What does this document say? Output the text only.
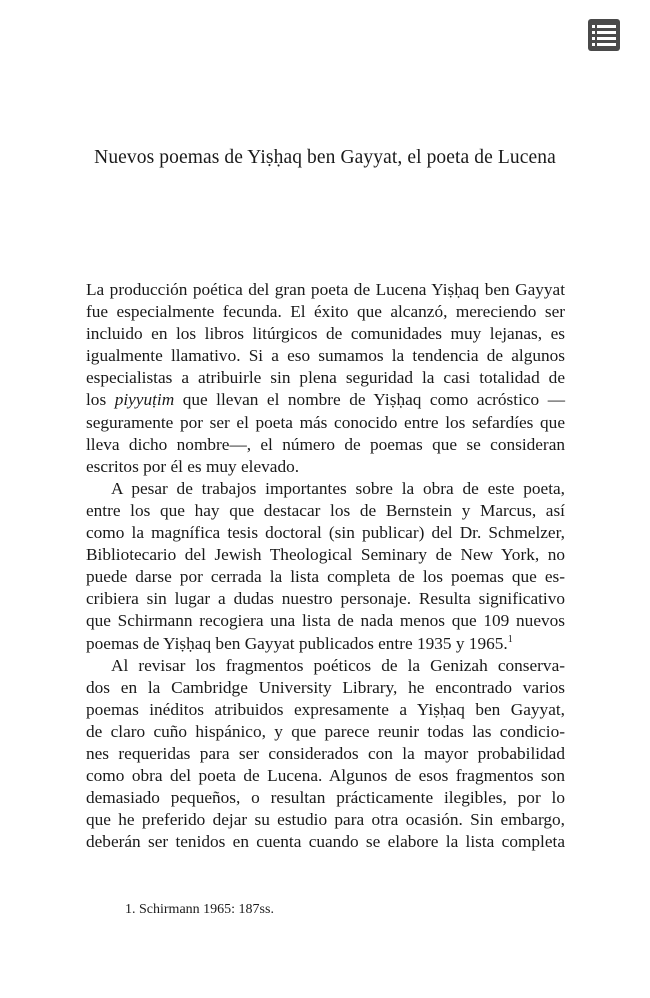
Nuevos poemas de Yiṣḥaq ben Gayyat, el poeta de Lucena
La producción poética del gran poeta de Lucena Yiṣḥaq ben Gayyat
fue especialmente fecunda. El éxito que alcanzó, mereciendo ser
incluido en los libros litúrgicos de comunidades muy lejanas, es
igualmente llamativo. Si a eso sumamos la tendencia de algunos
especialistas a atribuirle sin plena seguridad la casi totalidad de
los piyyuṭim que llevan el nombre de Yiṣḥaq como acróstico —
seguramente por ser el poeta más conocido entre los sefardíes que
lleva dicho nombre—, el número de poemas que se consideran
escritos por él es muy elevado.
A pesar de trabajos importantes sobre la obra de este poeta,
entre los que hay que destacar los de Bernstein y Marcus, así
como la magnífica tesis doctoral (sin publicar) del Dr. Schmelzer,
Bibliotecario del Jewish Theological Seminary de New York, no
puede darse por cerrada la lista completa de los poemas que es-
cribiera sin lugar a dudas nuestro personaje. Resulta significativo
que Schirmann recogiera una lista de nada menos que 109 nuevos
poemas de Yiṣḥaq ben Gayyat publicados entre 1935 y 1965.$^1$
Al revisar los fragmentos poéticos de la Genizah conserva-
dos en la Cambridge University Library, he encontrado varios
poemas inéditos atribuidos expresamente a Yiṣḥaq ben Gayyat,
de claro cuño hispánico, y que parece reunir todas las condicio-
nes requeridas para ser considerados con la mayor probabilidad
como obra del poeta de Lucena. Algunos de esos fragmentos son
demasiado pequeños, o resultan prácticamente ilegibles, por lo
que he preferido dejar su estudio para otra ocasión. Sin embargo,
deberán ser tenidos en cuenta cuando se elabore la lista completa

1. Schirmann 1965: 187ss.
